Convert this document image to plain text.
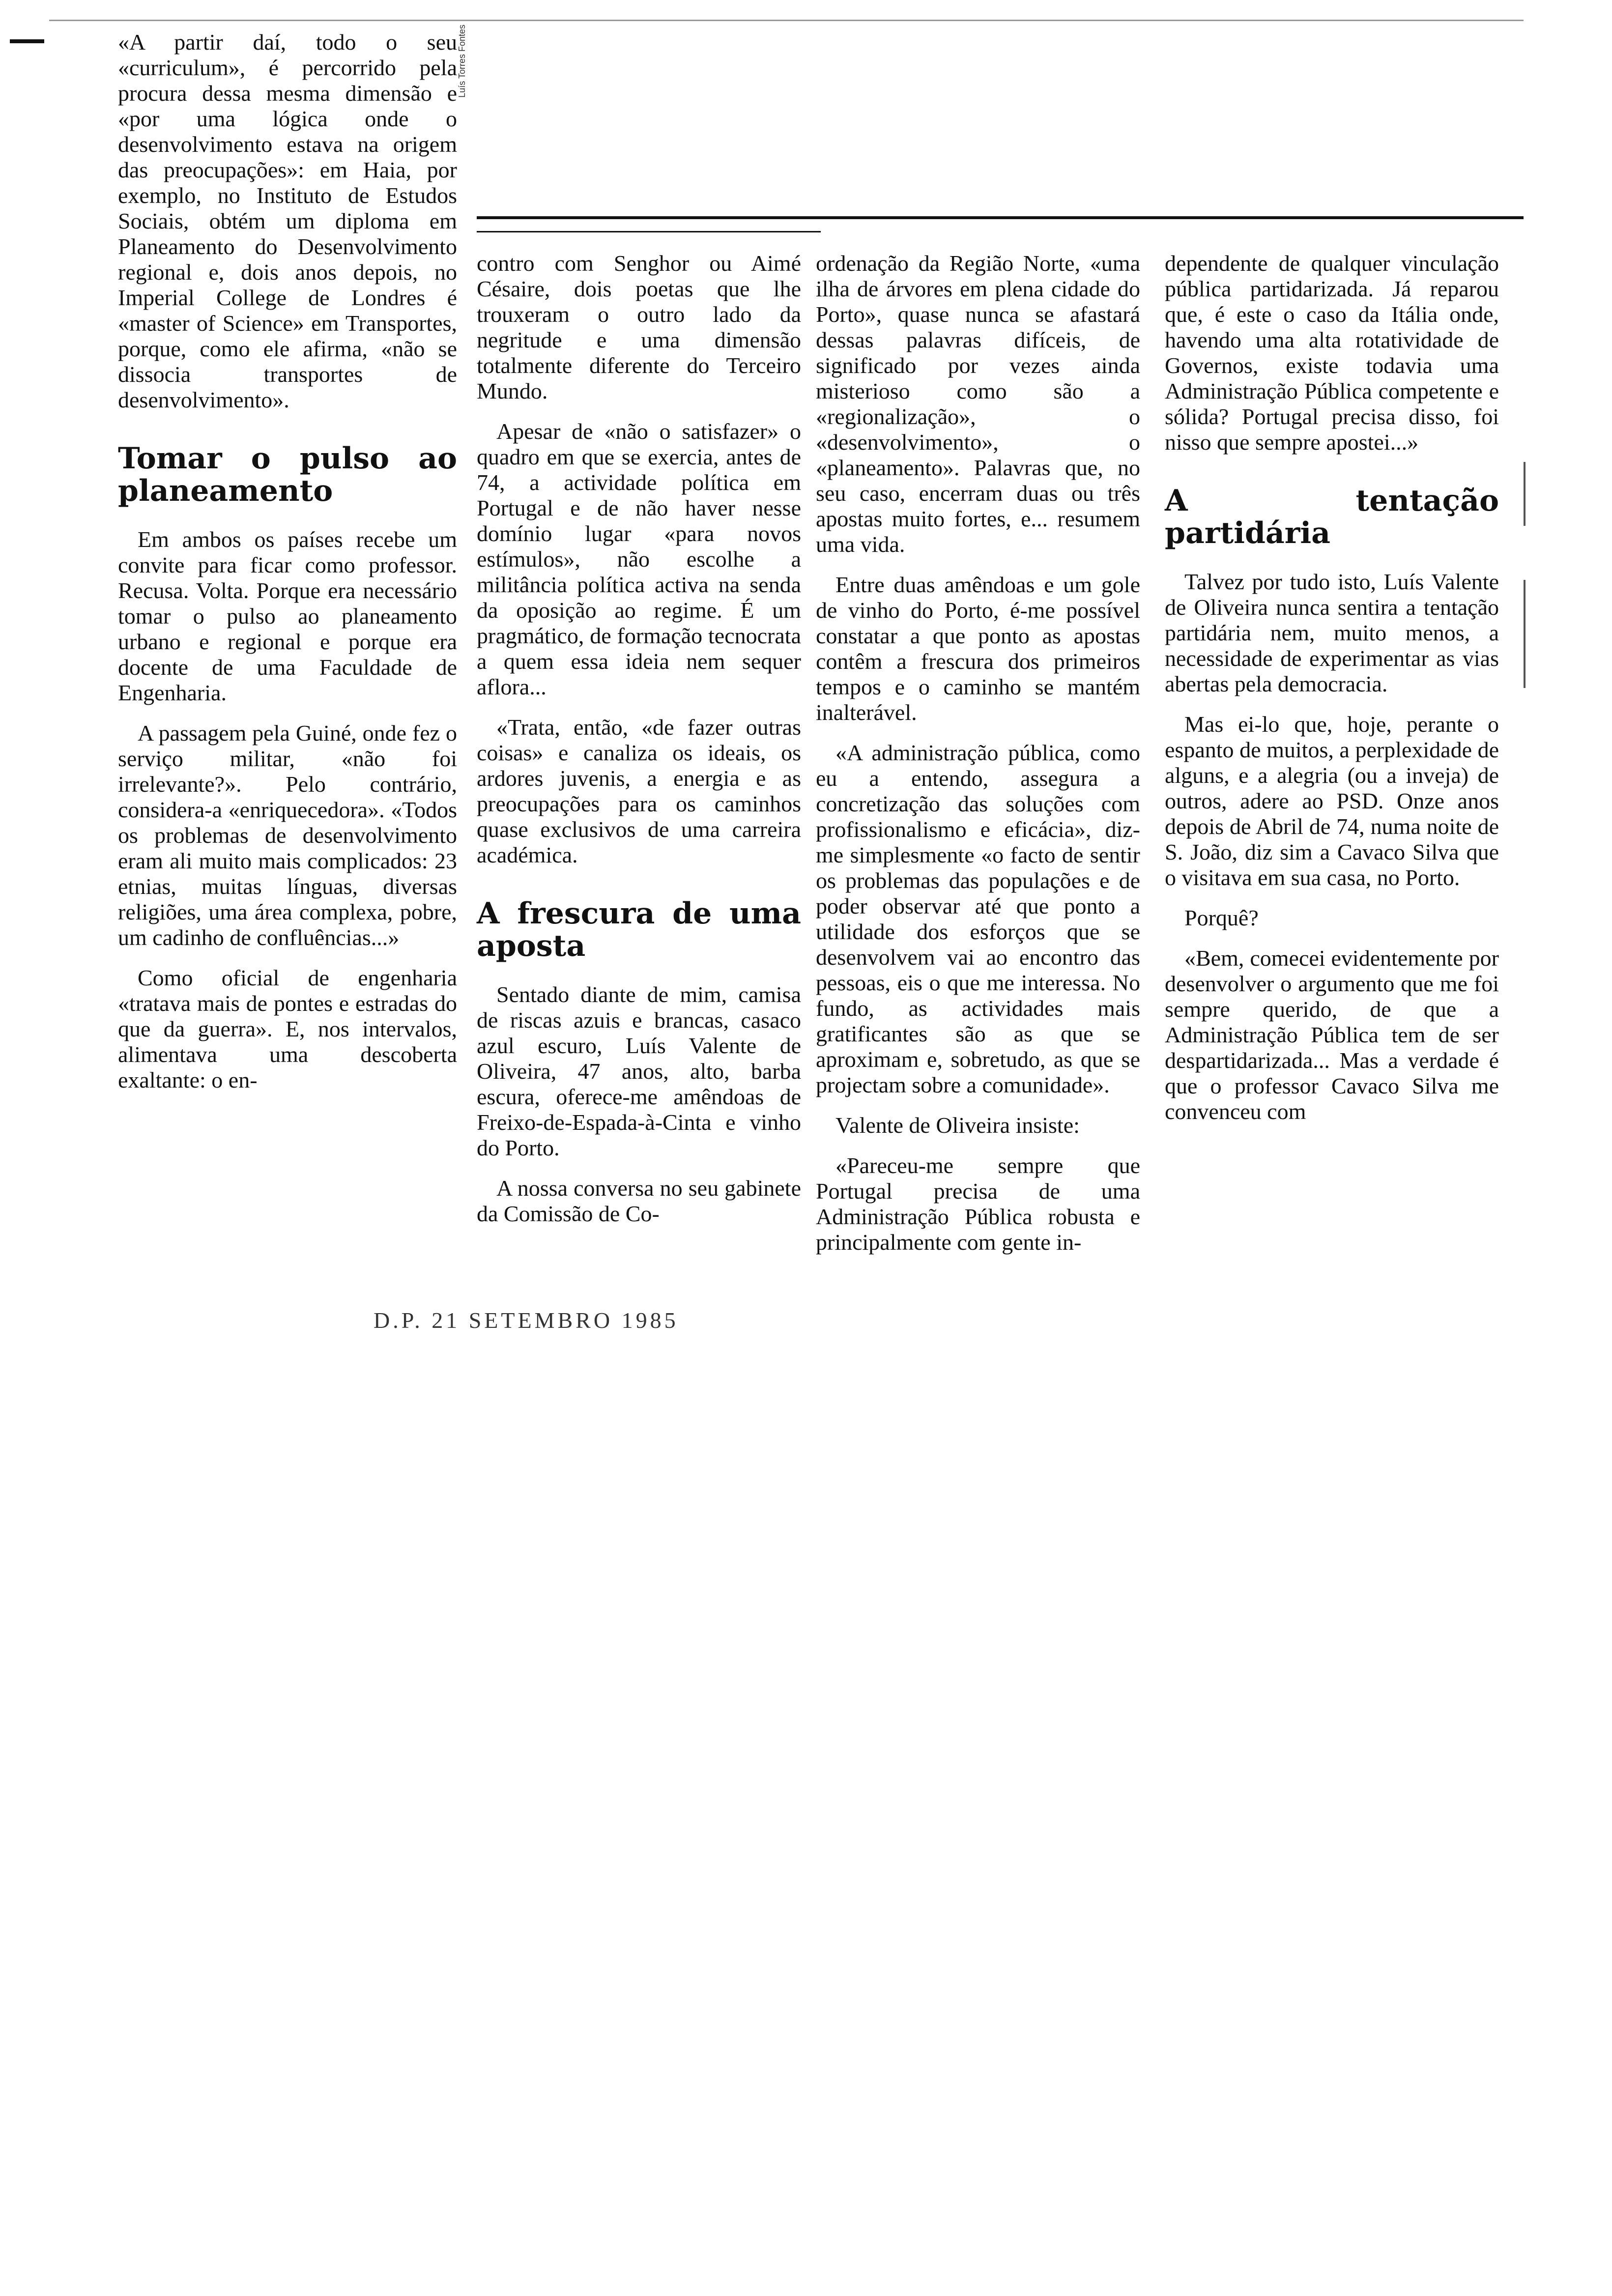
Luís Torres Fontes

«A partir daí, todo o seu «curriculum», é percorrido pela procura dessa mesma dimensão e «por uma lógica onde o desenvolvimento estava na origem das preocupações»: em Haia, por exemplo, no Instituto de Estudos Sociais, obtém um diploma em Planeamento do Desenvolvimento regional e, dois anos depois, no Imperial College de Londres é «master of Science» em Transportes, porque, como ele afirma, «não se dissocia transportes de desenvolvimento».

Tomar o pulso ao planeamento

Em ambos os países recebe um convite para ficar como professor. Recusa. Volta. Porque era necessário tomar o pulso ao planeamento urbano e regional e porque era docente de uma Faculdade de Engenharia.

A passagem pela Guiné, onde fez o serviço militar, «não foi irrelevante?». Pelo contrário, considera-a «enriquecedora». «Todos os problemas de desenvolvimento eram ali muito mais complicados: 23 etnias, muitas línguas, diversas religiões, uma área complexa, pobre, um cadinho de confluências...»

Como oficial de engenharia «tratava mais de pontes e estradas do que da guerra». E, nos intervalos, alimentava uma descoberta exaltante: o en-

contro com Senghor ou Aimé Césaire, dois poetas que lhe trouxeram o outro lado da negritude e uma dimensão totalmente diferente do Terceiro Mundo.

Apesar de «não o satisfazer» o quadro em que se exercia, antes de 74, a actividade política em Portugal e de não haver nesse domínio lugar «para novos estímulos», não escolhe a militância política activa na senda da oposição ao regime. É um pragmático, de formação tecnocrata a quem essa ideia nem sequer aflora...

«Trata, então, «de fazer outras coisas» e canaliza os ideais, os ardores juvenis, a energia e as preocupações para os caminhos quase exclusivos de uma carreira académica.

A frescura de uma aposta

Sentado diante de mim, camisa de riscas azuis e brancas, casaco azul escuro, Luís Valente de Oliveira, 47 anos, alto, barba escura, oferece-me amêndoas de Freixo-de-Espada-à-Cinta e vinho do Porto.

A nossa conversa no seu gabinete da Comissão de Co-

ordenação da Região Norte, «uma ilha de árvores em plena cidade do Porto», quase nunca se afastará dessas palavras difíceis, de significado por vezes ainda misterioso como são a «regionalização», o «desenvolvimento», o «planeamento». Palavras que, no seu caso, encerram duas ou três apostas muito fortes, e... resumem uma vida.

Entre duas amêndoas e um gole de vinho do Porto, é-me possível constatar a que ponto as apostas contêm a frescura dos primeiros tempos e o caminho se mantém inalterável.

«A administração pública, como eu a entendo, assegura a concretização das soluções com profissionalismo e eficácia», diz-me simplesmente «o facto de sentir os problemas das populações e de poder observar até que ponto a utilidade dos esforços que se desenvolvem vai ao encontro das pessoas, eis o que me interessa. No fundo, as actividades mais gratificantes são as que se aproximam e, sobretudo, as que se projectam sobre a comunidade».

Valente de Oliveira insiste:

«Pareceu-me sempre que Portugal precisa de uma Administração Pública robusta e principalmente com gente in-

dependente de qualquer vinculação pública partidarizada. Já reparou que, é este o caso da Itália onde, havendo uma alta rotatividade de Governos, existe todavia uma Administração Pública competente e sólida? Portugal precisa disso, foi nisso que sempre apostei...»

A tentação partidária

Talvez por tudo isto, Luís Valente de Oliveira nunca sentira a tentação partidária nem, muito menos, a necessidade de experimentar as vias abertas pela democracia.

Mas ei-lo que, hoje, perante o espanto de muitos, a perplexidade de alguns, e a alegria (ou a inveja) de outros, adere ao PSD. Onze anos depois de Abril de 74, numa noite de S. João, diz sim a Cavaco Silva que o visitava em sua casa, no Porto.

Porquê?

«Bem, comecei evidentemente por desenvolver o argumento que me foi sempre querido, de que a Administração Pública tem de ser despartidarizada... Mas a verdade é que o professor Cavaco Silva me convenceu com

D.P. 21 SETEMBRO 1985
